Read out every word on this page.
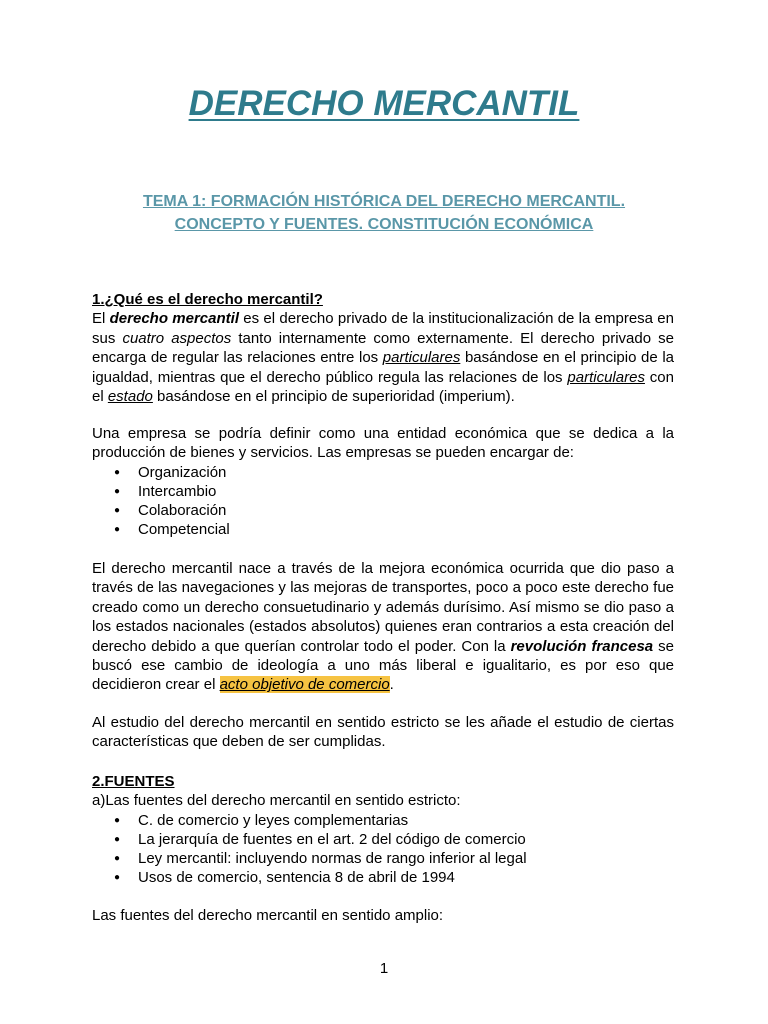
DERECHO MERCANTIL
TEMA 1: FORMACIÓN HISTÓRICA DEL DERECHO MERCANTIL.
CONCEPTO Y FUENTES. CONSTITUCIÓN ECONÓMICA
1.¿Qué es el derecho mercantil?

El derecho mercantil es el derecho privado de la institucionalización de la empresa en sus cuatro aspectos tanto internamente como externamente. El derecho privado se encarga de regular las relaciones entre los particulares basándose en el principio de la igualdad, mientras que el derecho público regula las relaciones de los particulares con el estado basándose en el principio de superioridad (imperium).

Una empresa se podría definir como una entidad económica que se dedica a la producción de bienes y servicios. Las empresas se pueden encargar de:

● Organización
● Intercambio
● Colaboración
● Competencial

El derecho mercantil nace a través de la mejora económica ocurrida que dio paso a través de las navegaciones y las mejoras de transportes, poco a poco este derecho fue creado como un derecho consuetudinario y además durísimo. Así mismo se dio paso a los estados nacionales (estados absolutos) quienes eran contrarios a esta creación del derecho debido a que querían controlar todo el poder. Con la revolución francesa se buscó ese cambio de ideología a uno más liberal e igualitario, es por eso que decidieron crear el acto objetivo de comercio.

Al estudio del derecho mercantil en sentido estricto se les añade el estudio de ciertas características que deben de ser cumplidas.

2.FUENTES

a)Las fuentes del derecho mercantil en sentido estricto:

● C. de comercio y leyes complementarias
● La jerarquía de fuentes en el art. 2 del código de comercio
● Ley mercantil: incluyendo normas de rango inferior al legal
● Usos de comercio, sentencia 8 de abril de 1994

Las fuentes del derecho mercantil en sentido amplio:

1
